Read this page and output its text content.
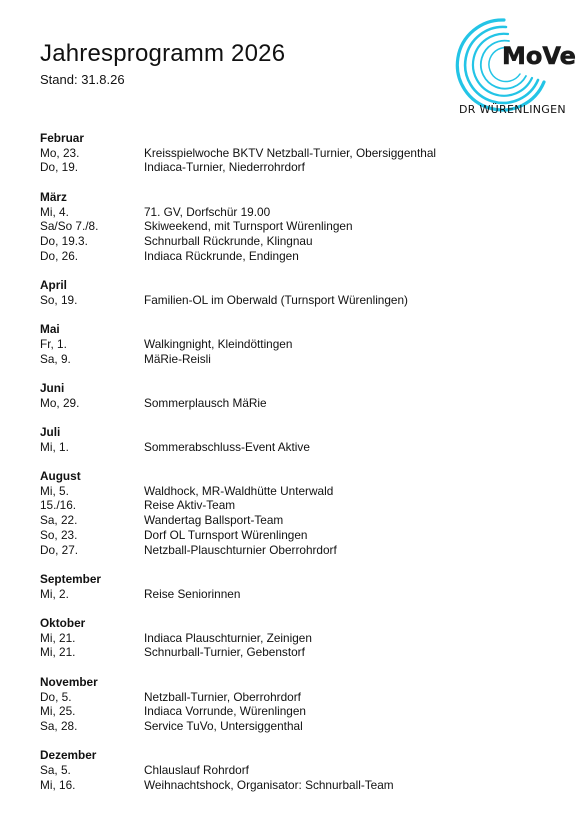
Jahresprogramm 2026
Stand: 31.8.26
MoVe
DR WÜRENLINGEN
Februar
Mo, 23.	Kreisspielwoche BKTV Netzball-Turnier, Obersiggenthal
Do, 19.	Indiaca-Turnier, Niederrohrdorf
März
Mi, 4.	71. GV, Dorfschür 19.00
Sa/So 7./8.	Skiweekend, mit Turnsport Würenlingen
Do, 19.3.	Schnurball Rückrunde, Klingnau
Do, 26.	Indiaca Rückrunde, Endingen
April
So, 19.	Familien-OL im Oberwald (Turnsport Würenlingen)
Mai
Fr, 1.	Walkingnight, Kleindöttingen
Sa, 9.	MäRie-Reisli
Juni
Mo, 29.	Sommerplausch MäRie
Juli
Mi, 1.	Sommerabschluss-Event Aktive
August
Mi, 5.	Waldhock, MR-Waldhütte Unterwald
15./16.	Reise Aktiv-Team
Sa, 22.	Wandertag Ballsport-Team
So, 23.	Dorf OL Turnsport Würenlingen
Do, 27.	Netzball-Plauschturnier Oberrohrdorf
September
Mi, 2.	Reise Seniorinnen
Oktober
Mi, 21.	Indiaca Plauschturnier, Zeinigen
Mi, 21.	Schnurball-Turnier, Gebenstorf
November
Do, 5.	Netzball-Turnier, Oberrohrdorf
Mi, 25.	Indiaca Vorrunde, Würenlingen
Sa, 28.	Service TuVo, Untersiggenthal
Dezember
Sa, 5.	Chlauslauf Rohrdorf
Mi, 16.	Weihnachtshock, Organisator: Schnurball-Team
